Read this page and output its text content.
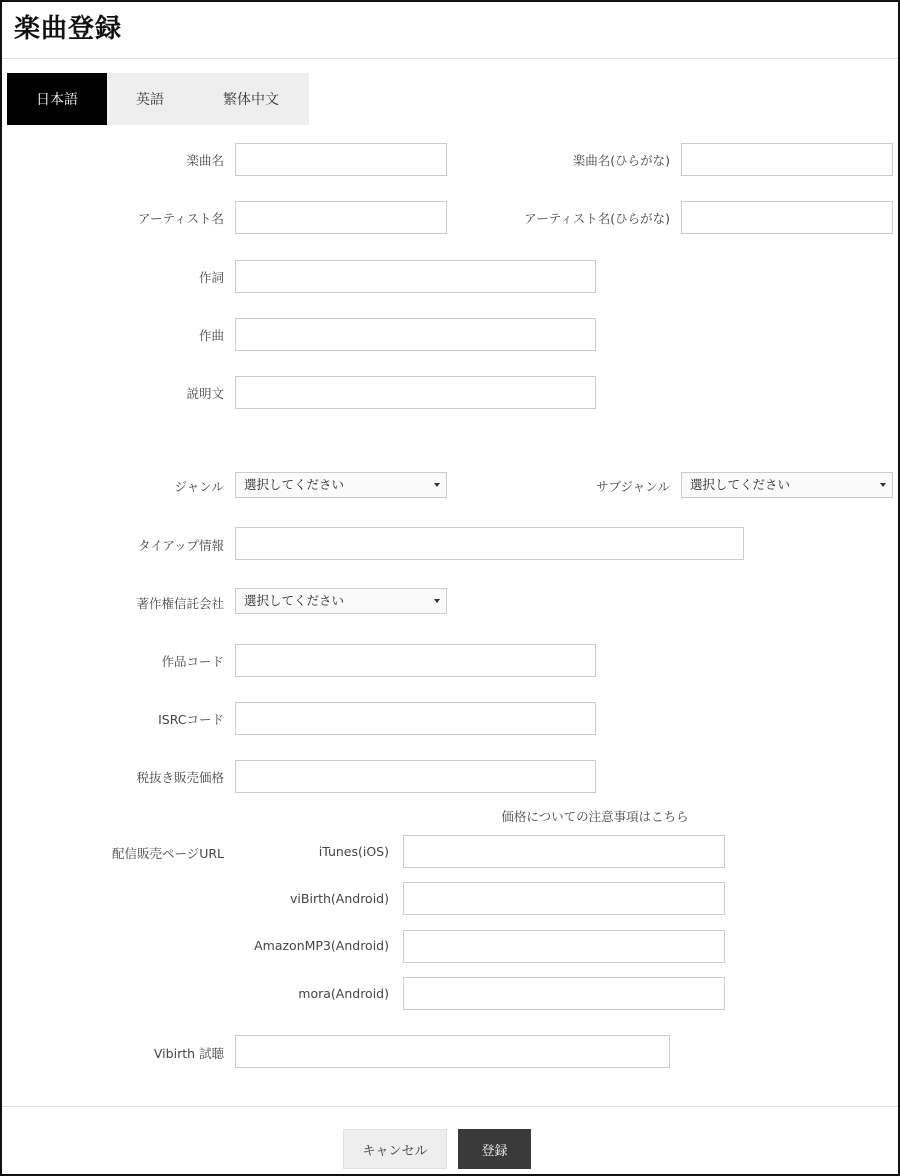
楽曲登録
日本語	英語	繁体中文
楽曲名	楽曲名(ひらがな)
アーティスト名	アーティスト名(ひらがな)
作詞
作曲
説明文
ジャンル	選択してください	サブジャンル	選択してください
タイアップ情報
著作権信託会社	選択してください
作品コード
ISRCコード
税抜き販売価格
価格についての注意事項はこちら
配信販売ページURL	iTunes(iOS)
viBirth(Android)
AmazonMP3(Android)
mora(Android)
Vibirth 試聴
キャンセル	登録
